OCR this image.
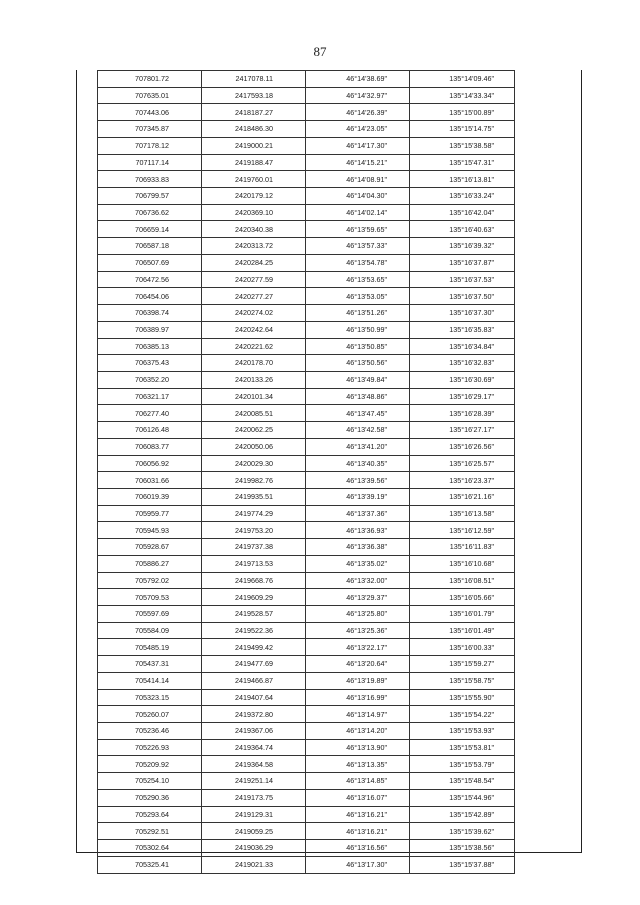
87
707801.72	2417078.11	46°14'38.69"	135°14'09.46"
707635.01	2417593.18	46°14'32.97"	135°14'33.34"
707443.06	2418187.27	46°14'26.39"	135°15'00.89"
707345.87	2418486.30	46°14'23.05"	135°15'14.75"
707178.12	2419000.21	46°14'17.30"	135°15'38.58"
707117.14	2419188.47	46°14'15.21"	135°15'47.31"
706933.83	2419760.01	46°14'08.91"	135°16'13.81"
706799.57	2420179.12	46°14'04.30"	135°16'33.24"
706736.62	2420369.10	46°14'02.14"	135°16'42.04"
706659.14	2420340.38	46°13'59.65"	135°16'40.63"
706587.18	2420313.72	46°13'57.33"	135°16'39.32"
706507.69	2420284.25	46°13'54.78"	135°16'37.87"
706472.56	2420277.59	46°13'53.65"	135°16'37.53"
706454.06	2420277.27	46°13'53.05"	135°16'37.50"
706398.74	2420274.02	46°13'51.26"	135°16'37.30"
706389.97	2420242.64	46°13'50.99"	135°16'35.83"
706385.13	2420221.62	46°13'50.85"	135°16'34.84"
706375.43	2420178.70	46°13'50.56"	135°16'32.83"
706352.20	2420133.26	46°13'49.84"	135°16'30.69"
706321.17	2420101.34	46°13'48.86"	135°16'29.17"
706277.40	2420085.51	46°13'47.45"	135°16'28.39"
706126.48	2420062.25	46°13'42.58"	135°16'27.17"
706083.77	2420050.06	46°13'41.20"	135°16'26.56"
706056.92	2420029.30	46°13'40.35"	135°16'25.57"
706031.66	2419982.76	46°13'39.56"	135°16'23.37"
706019.39	2419935.51	46°13'39.19"	135°16'21.16"
705959.77	2419774.29	46°13'37.36"	135°16'13.58"
705945.93	2419753.20	46°13'36.93"	135°16'12.59"
705928.67	2419737.38	46°13'36.38"	135°16'11.83"
705886.27	2419713.53	46°13'35.02"	135°16'10.68"
705792.02	2419668.76	46°13'32.00"	135°16'08.51"
705709.53	2419609.29	46°13'29.37"	135°16'05.66"
705597.69	2419528.57	46°13'25.80"	135°16'01.79"
705584.09	2419522.36	46°13'25.36"	135°16'01.49"
705485.19	2419499.42	46°13'22.17"	135°16'00.33"
705437.31	2419477.69	46°13'20.64"	135°15'59.27"
705414.14	2419466.87	46°13'19.89"	135°15'58.75"
705323.15	2419407.64	46°13'16.99"	135°15'55.90"
705260.07	2419372.80	46°13'14.97"	135°15'54.22"
705236.46	2419367.06	46°13'14.20"	135°15'53.93"
705226.93	2419364.74	46°13'13.90"	135°15'53.81"
705209.92	2419364.58	46°13'13.35"	135°15'53.79"
705254.10	2419251.14	46°13'14.85"	135°15'48.54"
705290.36	2419173.75	46°13'16.07"	135°15'44.96"
705293.64	2419129.31	46°13'16.21"	135°15'42.89"
705292.51	2419059.25	46°13'16.21"	135°15'39.62"
705302.64	2419036.29	46°13'16.56"	135°15'38.56"
705325.41	2419021.33	46°13'17.30"	135°15'37.88"
